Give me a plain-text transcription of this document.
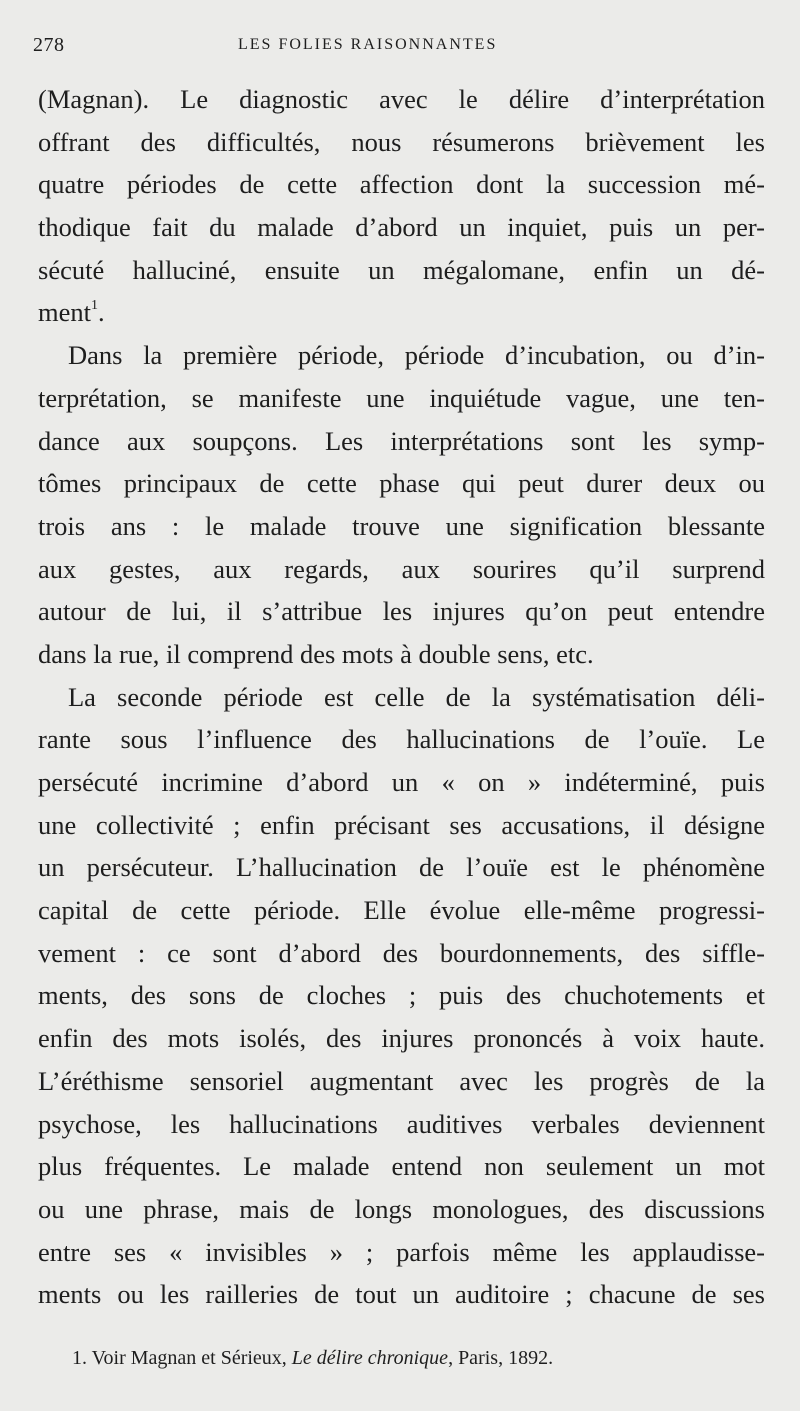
278	LES FOLIES RAISONNANTES

(Magnan). Le diagnostic avec le délire d’interprétation
offrant des difficultés, nous résumerons brièvement les
quatre périodes de cette affection dont la succession mé-
thodique fait du malade d’abord un inquiet, puis un per-
sécuté halluciné, ensuite un mégalomane, enfin un dé-
ment$^1$.

Dans la première période, période d’incubation, ou d’in-
terprétation, se manifeste une inquiétude vague, une ten-
dance aux soupçons. Les interprétations sont les symp-
tômes principaux de cette phase qui peut durer deux ou
trois ans : le malade trouve une signification blessante
aux gestes, aux regards, aux sourires qu’il surprend
autour de lui, il s’attribue les injures qu’on peut entendre
dans la rue, il comprend des mots à double sens, etc.

La seconde période est celle de la systématisation déli-
rante sous l’influence des hallucinations de l’ouïe. Le
persécuté incrimine d’abord un « on » indéterminé, puis
une collectivité ; enfin précisant ses accusations, il désigne
un persécuteur. L’hallucination de l’ouïe est le phénomène
capital de cette période. Elle évolue elle-même progressi-
vement : ce sont d’abord des bourdonnements, des siffle-
ments, des sons de cloches ; puis des chuchotements et
enfin des mots isolés, des injures prononcés à voix haute.
L’éréthisme sensoriel augmentant avec les progrès de la
psychose, les hallucinations auditives verbales deviennent
plus fréquentes. Le malade entend non seulement un mot
ou une phrase, mais de longs monologues, des discussions
entre ses « invisibles » ; parfois même les applaudisse-
ments ou les railleries de tout un auditoire ; chacune de ses

1. Voir Magnan et Sérieux, Le délire chronique, Paris, 1892.
